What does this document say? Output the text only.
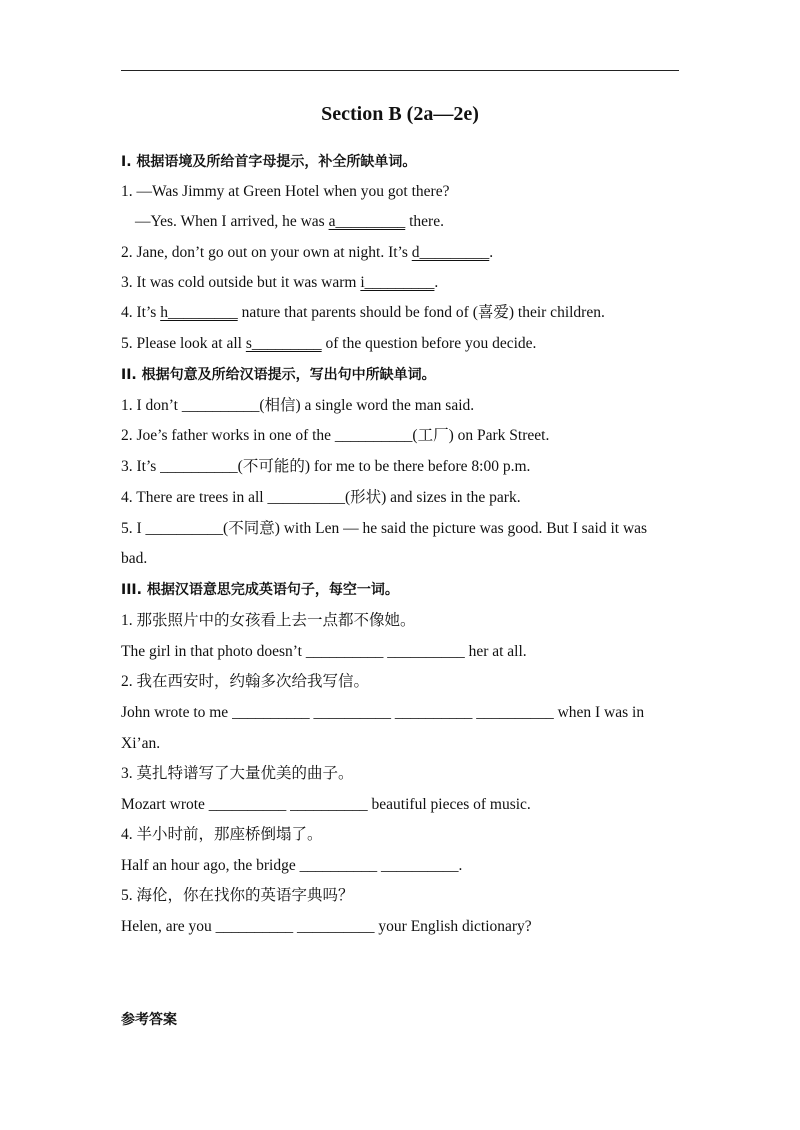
Section B (2a—2e)
I. 根据语境及所给首字母提示，补全所缺单词。
1. —Was Jimmy at Green Hotel when you got there?
—Yes. When I arrived, he was a_________ there.
2. Jane, don’t go out on your own at night. It’s d_________.
3. It was cold outside but it was warm i_________.
4. It’s h_________ nature that parents should be fond of (喜爱) their children.
5. Please look at all s_________ of the question before you decide.
II. 根据句意及所给汉语提示，写出句中所缺单词。
1. I don’t __________(相信) a single word the man said.
2. Joe’s father works in one of the __________(工厂) on Park Street.
3. It’s __________(不可能的) for me to be there before 8:00 p.m.
4. There are trees in all __________(形状) and sizes in the park.
5. I __________(不同意) with Len — he said the picture was good. But I said it was
bad.
III. 根据汉语意思完成英语句子，每空一词。
1. 那张照片中的女孩看上去一点都不像她。
The girl in that photo doesn’t __________ __________ her at all.
2. 我在西安时，约翰多次给我写信。
John wrote to me __________ __________ __________ __________ when I was in
Xi’an.
3. 莫扎特谱写了大量优美的曲子。
Mozart wrote __________ __________ beautiful pieces of music.
4. 半小时前，那座桥倒塌了。
Half an hour ago, the bridge __________ __________.
5. 海伦，你在找你的英语字典吗？
Helen, are you __________ __________ your English dictionary?
参考答案
